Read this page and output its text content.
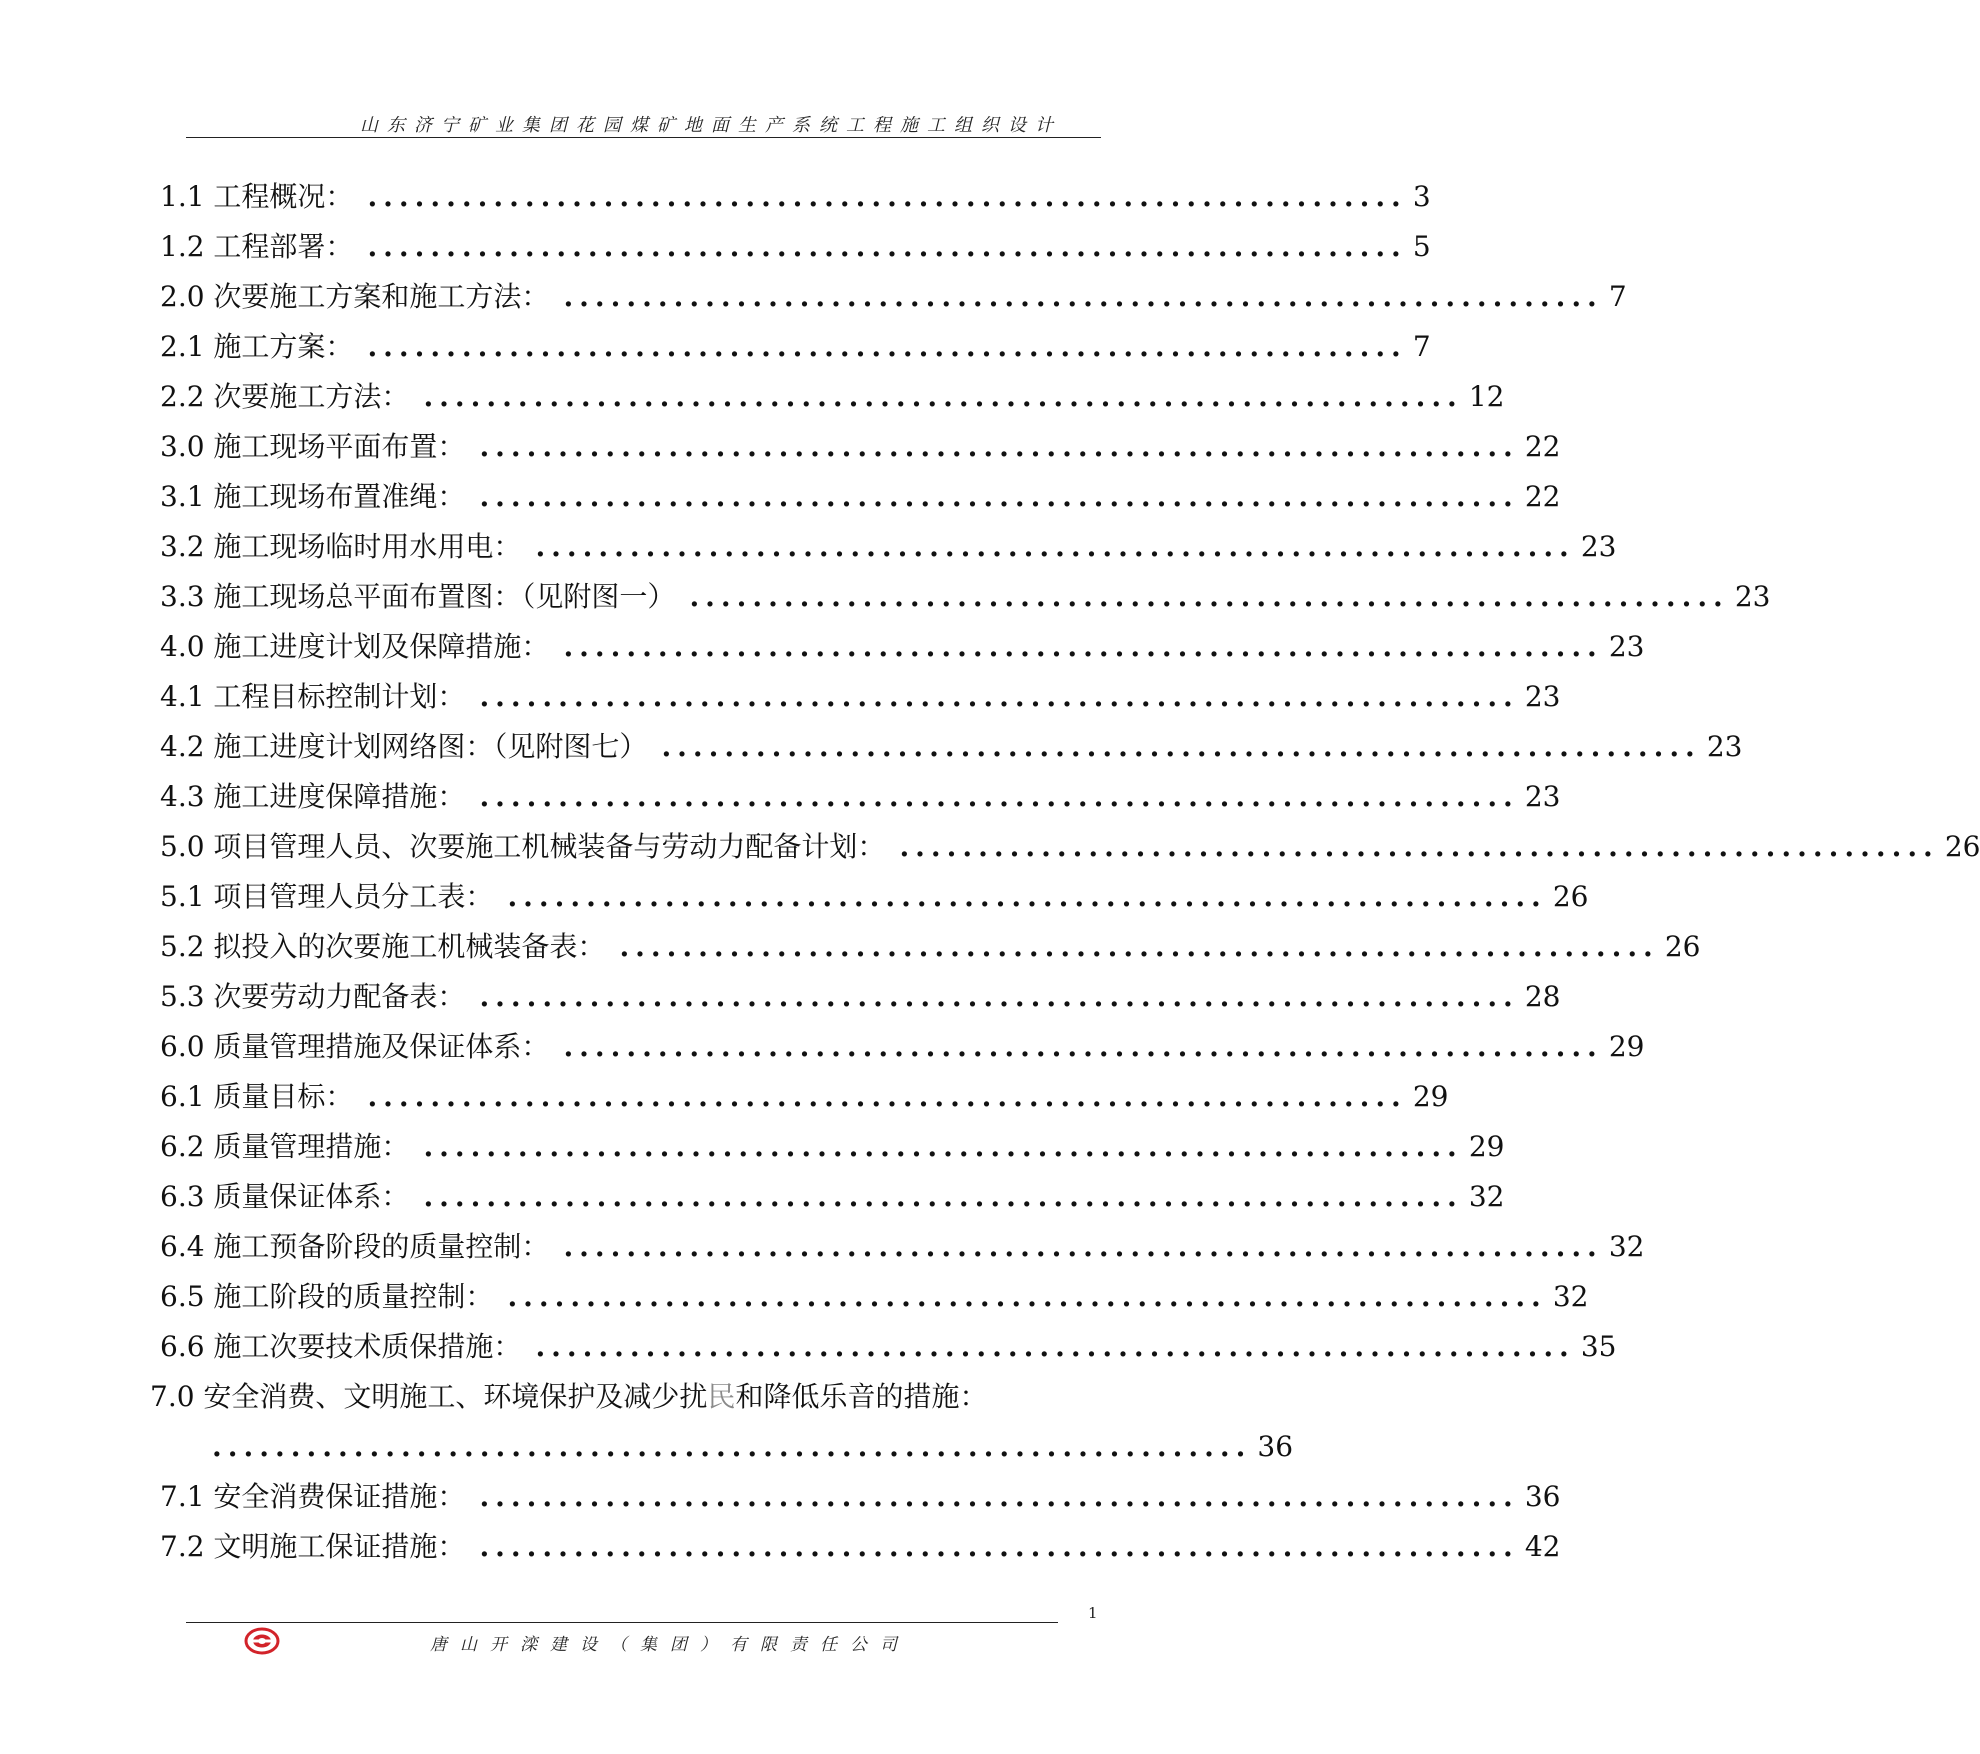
山东济宁矿业集团花园煤矿地面生产系统工程施工组织设计
1.1 工程概况： .................................................................. 3
1.2 工程部署： .................................................................. 5
2.0 次要施工方案和施工方法： .................................................................. 7
2.1 施工方案： .................................................................. 7
2.2 次要施工方法： .................................................................. 12
3.0 施工现场平面布置： .................................................................. 22
3.1 施工现场布置准绳： .................................................................. 22
3.2 施工现场临时用水用电： .................................................................. 23
3.3 施工现场总平面布置图：（见附图一） .................................................................. 23
4.0 施工进度计划及保障措施： .................................................................. 23
4.1 工程目标控制计划： .................................................................. 23
4.2 施工进度计划网络图：（见附图七） .................................................................. 23
4.3 施工进度保障措施： .................................................................. 23
5.0 项目管理人员、次要施工机械装备与劳动力配备计划： .................................................................. 26
5.1 项目管理人员分工表： .................................................................. 26
5.2 拟投入的次要施工机械装备表： .................................................................. 26
5.3 次要劳动力配备表： .................................................................. 28
6.0 质量管理措施及保证体系： .................................................................. 29
6.1 质量目标： .................................................................. 29
6.2 质量管理措施： .................................................................. 29
6.3 质量保证体系： .................................................................. 32
6.4 施工预备阶段的质量控制： .................................................................. 32
6.5 施工阶段的质量控制： .................................................................. 32
6.6 施工次要技术质保措施： .................................................................. 35
7.0 安全消费、文明施工、环境保护及减少扰民和降低乐音的措施：
.................................................................. 36
7.1 安全消费保证措施： .................................................................. 36
7.2 文明施工保证措施： .................................................................. 42
1
唐山开滦建设（集团）有限责任公司
